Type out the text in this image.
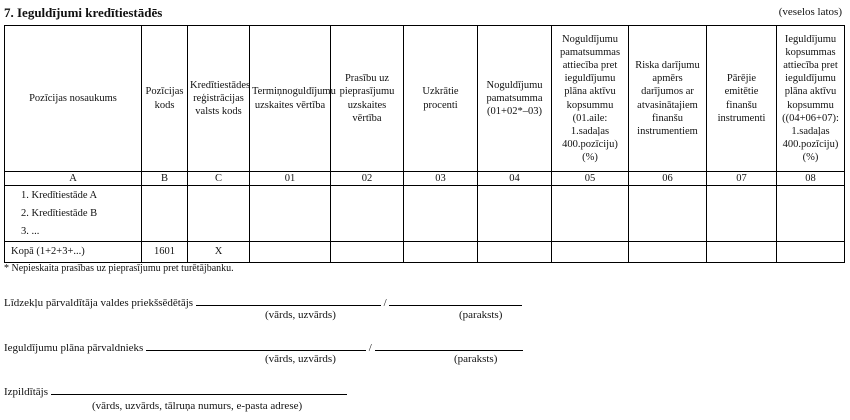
7. Ieguldījumi kredītiestādēs	(veselos latos)
Pozīcijas nosaukums	Pozīcijas kods	Kredītiestādes reģistrācijas valsts kods	Termiņnoguldījumu uzskaites vērtība	Prasību uz pieprasījumu uzskaites vērtība	Uzkrātie procenti	Noguldījumu pamatsumma (01+02*–03)	Noguldījumu pamatsummas attiecība pret ieguldījumu plāna aktīvu kopsummu (01.aile: 1.sadaļas 400.pozīciju) (%)	Riska darījumu apmērs darījumos ar atvasinātajiem finanšu instrumentiem	Pārējie emitētie finanšu instrumenti	Ieguldījumu kopsummas attiecība pret ieguldījumu plāna aktīvu kopsummu ((04+06+07): 1.sadaļas 400.pozīciju) (%)
A	B	C	01	02	03	04	05	06	07	08

1. Kredītiestāde A
2. Kredītiestāde B
3. ...										

Kopā (1+2+3+...)	1601	X								
* Nepieskaita prasības uz pieprasījumu pret turētājbanku.
Līdzekļu pārvaldītāja valdes priekšsēdētājs	/
(vārds, uzvārds)	(paraksts)
Ieguldījumu plāna pārvaldnieks	/
(vārds, uzvārds)	(paraksts)
Izpildītājs
(vārds, uzvārds, tālruņa numurs, e-pasta adrese)
